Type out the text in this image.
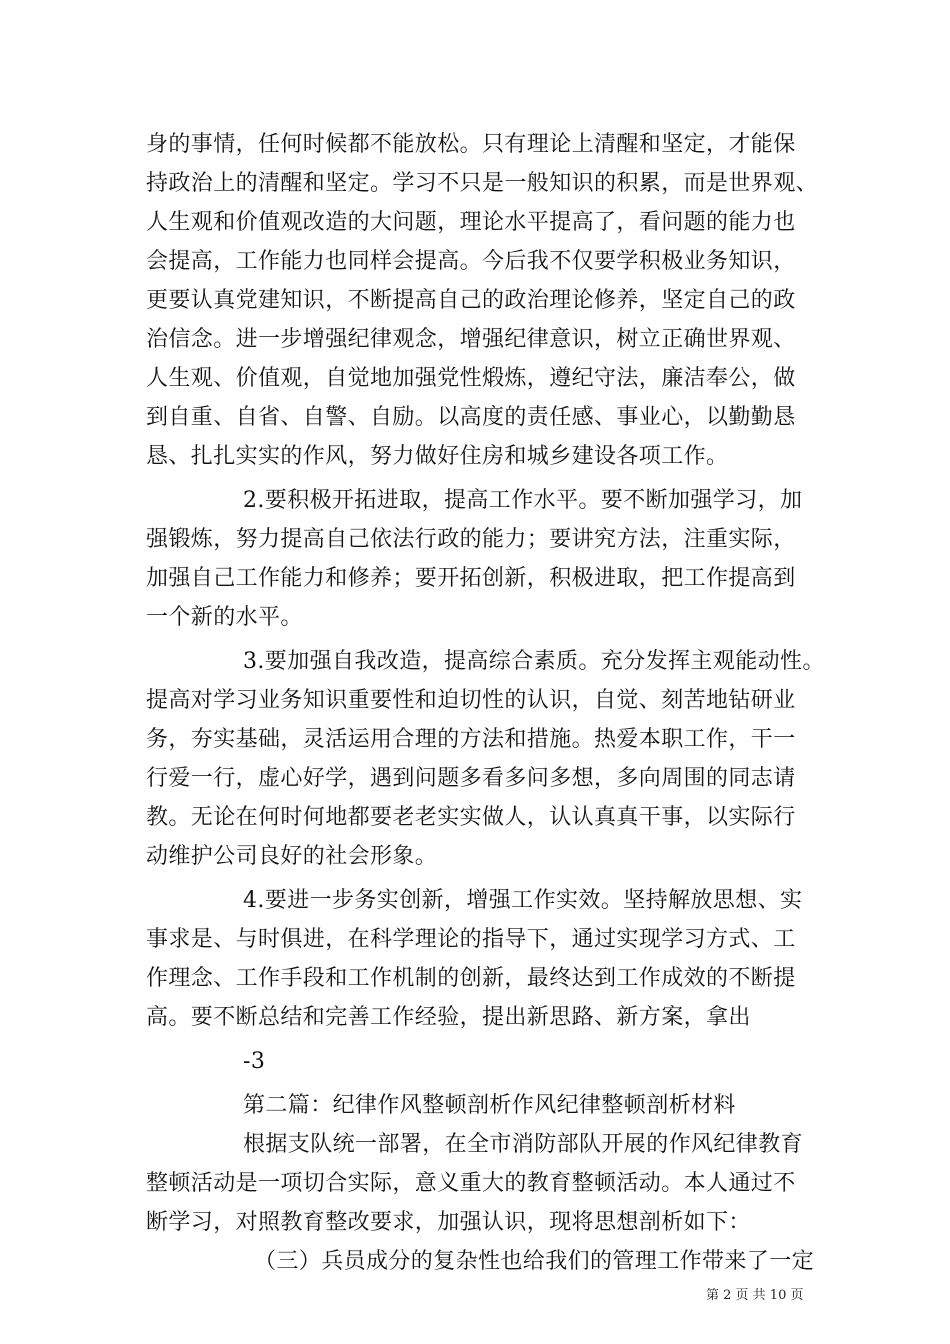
身的事情，任何时候都不能放松。只有理论上清醒和坚定，才能保
持政治上的清醒和坚定。学习不只是一般知识的积累，而是世界观、
人生观和价值观改造的大问题，理论水平提高了，看问题的能力也
会提高，工作能力也同样会提高。今后我不仅要学积极业务知识，
更要认真党建知识，不断提高自己的政治理论修养，坚定自己的政
治信念。进一步增强纪律观念，增强纪律意识，树立正确世界观、
人生观、价值观，自觉地加强党性煅炼，遵纪守法，廉洁奉公，做
到自重、自省、自警、自励。以高度的责任感、事业心，以勤勤恳
恳、扎扎实实的作风，努力做好住房和城乡建设各项工作。
2.要积极开拓进取，提高工作水平。要不断加强学习，加
强锻炼，努力提高自己依法行政的能力；要讲究方法，注重实际，
加强自己工作能力和修养；要开拓创新，积极进取，把工作提高到
一个新的水平。
3.要加强自我改造，提高综合素质。充分发挥主观能动性。
提高对学习业务知识重要性和迫切性的认识，自觉、刻苦地钻研业
务，夯实基础，灵活运用合理的方法和措施。热爱本职工作，干一
行爱一行，虚心好学，遇到问题多看多问多想，多向周围的同志请
教。无论在何时何地都要老老实实做人，认认真真干事，以实际行
动维护公司良好的社会形象。
4.要进一步务实创新，增强工作实效。坚持解放思想、实
事求是、与时俱进，在科学理论的指导下，通过实现学习方式、工
作理念、工作手段和工作机制的创新，最终达到工作成效的不断提
高。要不断总结和完善工作经验，提出新思路、新方案，拿出
-3
第二篇：纪律作风整顿剖析作风纪律整顿剖析材料
根据支队统一部署，在全市消防部队开展的作风纪律教育
整顿活动是一项切合实际，意义重大的教育整顿活动。本人通过不
断学习，对照教育整改要求，加强认识，现将思想剖析如下：
（三）兵员成分的复杂性也给我们的管理工作带来了一定
第 2 页 共 10 页
